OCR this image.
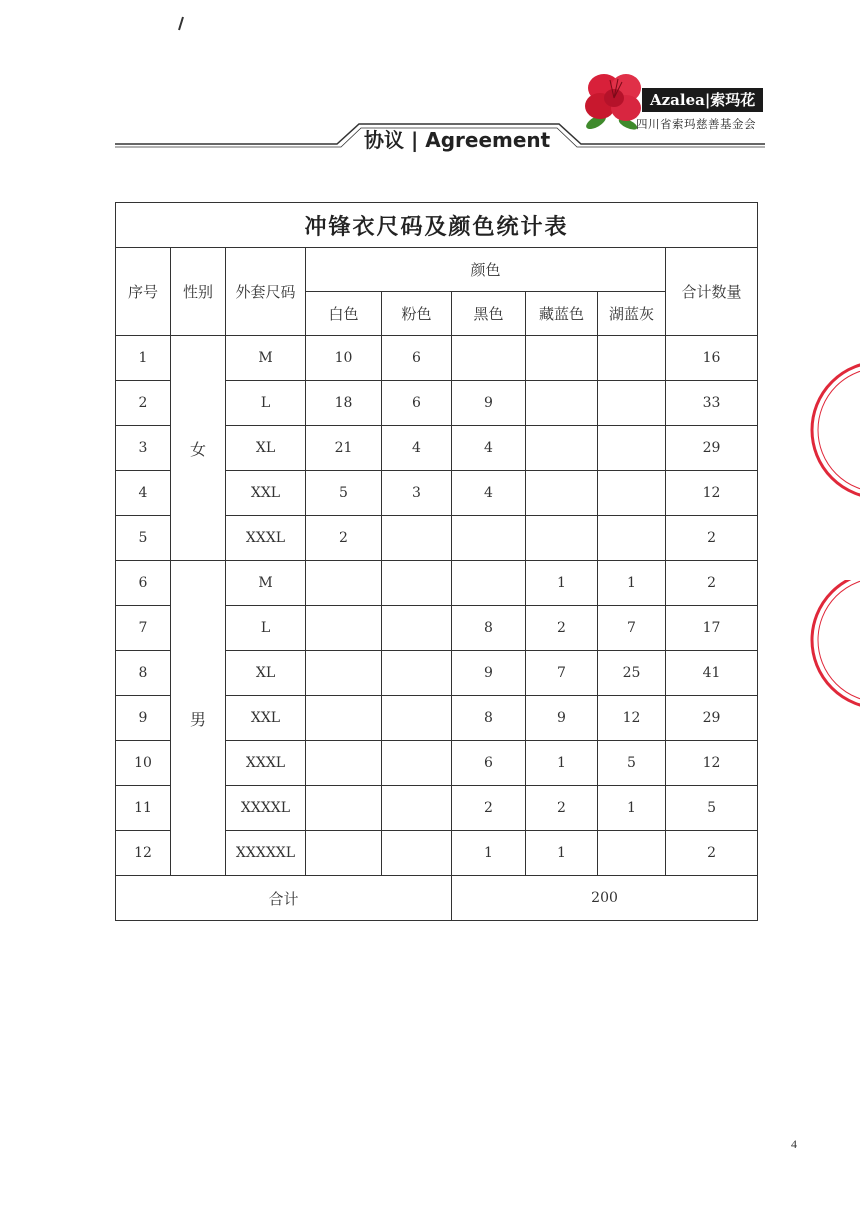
Azalea|索玛花
四川省索玛慈善基金会
协议 | Agreement
冲锋衣尺码及颜色统计表								
序号	性别	外套尺码	颜色					合计数量
			白色	粉色	黑色	藏蓝色	湖蓝灰	
1	女	M	10	6				16
2		L	18	6	9			33
3		XL	21	4	4			29
4		XXL	5	3	4			12
5		XXXL	2					2
6	男	M				1	1	2
7		L			8	2	7	17
8		XL			9	7	25	41
9		XXL			8	9	12	29
10		XXXL			6	1	5	12
11		XXXXL			2	2	1	5
12		XXXXXL			1	1		2
合计					200			
4
